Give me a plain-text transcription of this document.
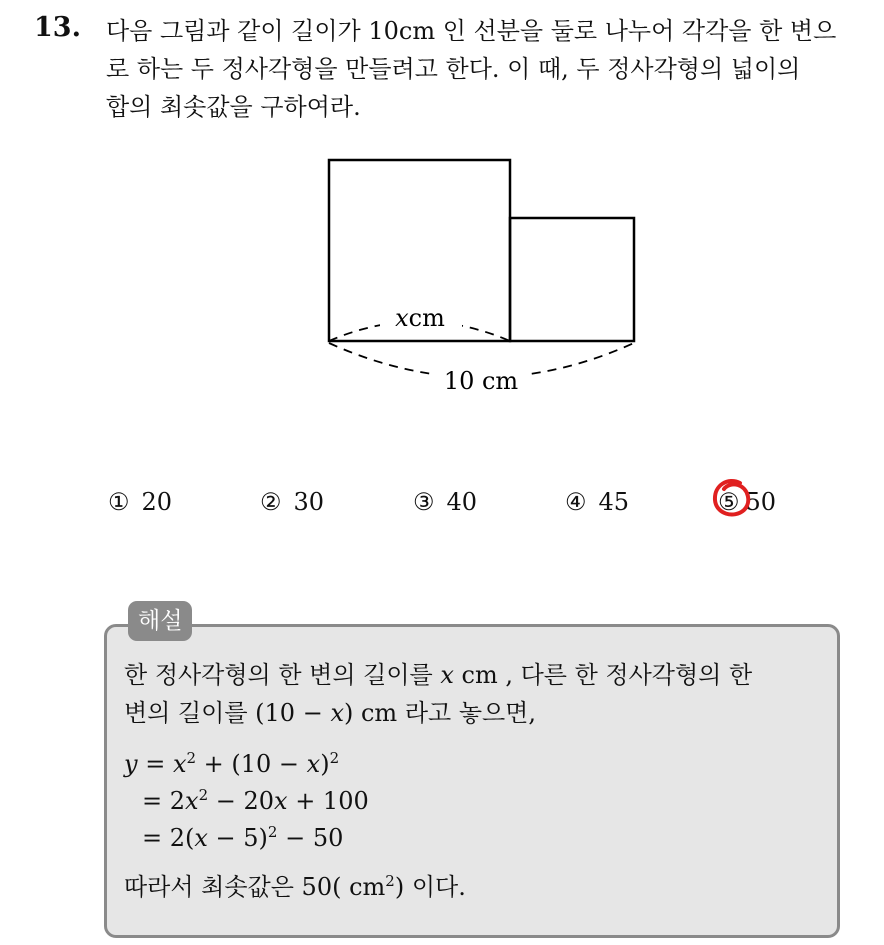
13. 다음 그림과 같이 길이가 10cm 인 선분을 둘로 나누어 각각을 한 변으
로 하는 두 정사각형을 만들려고 한다. 이 때, 두 정사각형의 넓이의
합의 최솟값을 구하여라.
xcm
10 cm
① 20	② 30	③ 40	④ 45	⑤ 50
해설
한 정사각형의 한 변의 길이를 x cm , 다른 한 정사각형의 한
변의 길이를 (10 − x) cm 라고 놓으면,
$y = x^2 + (10 - x)^2$
= $2x^2 - 20x + 100$
= $2(x - 5)^2 - 50$
따라서 최솟값은 50( $cm^2$) 이다.
